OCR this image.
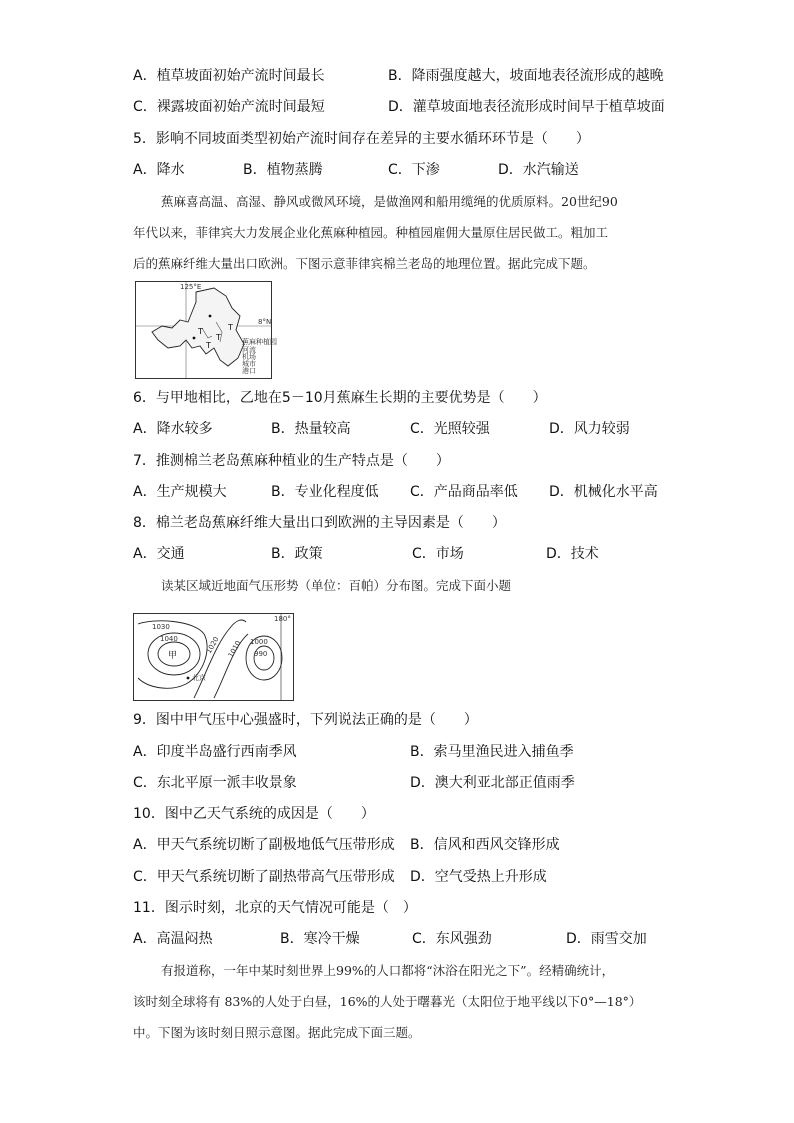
A．植草坡面初始产流时间最长	B．降雨强度越大，坡面地表径流形成的越晚
C．裸露坡面初始产流时间最短	D．灌草坡面地表径流形成时间早于植草坡面
5．影响不同坡面类型初始产流时间存在差异的主要水循环环节是（　　）
A．降水	B．植物蒸腾	C．下渗	D．水汽输送
蕉麻喜高温、高湿、静风或微风环境，是做渔网和船用缆绳的优质原料。20世纪90
年代以来，菲律宾大力发展企业化蕉麻种植园。种植园雇佣大量原住居民做工。粗加工
后的蕉麻纤维大量出口欧洲。下图示意菲律宾棉兰老岛的地理位置。据此完成下题。
125°E
8°N
T
T
T
T	蕉麻种植园
河流
机场
城市
港口
6．与甲地相比，乙地在5－10月蕉麻生长期的主要优势是（　　）
A．降水较多	B．热量较高	C．光照较强	D．风力较弱
7．推测棉兰老岛蕉麻种植业的生产特点是（　　）
A．生产规模大	B．专业化程度低 C．产品商品率低 D．机械化水平高
8．棉兰老岛蕉麻纤维大量出口到欧洲的主导因素是（　　）
A．交通	B．政策	C．市场	D．技术
读某区域近地面气压形势（单位：百帕）分布图。完成下面小题
180°
1030
1040	1020 1010 1000
990
甲
北京
9．图中甲气压中心强盛时，下列说法正确的是（　　）
A．印度半岛盛行西南季风	B．索马里渔民进入捕鱼季
C．东北平原一派丰收景象	D．澳大利亚北部正值雨季
10．图中乙天气系统的成因是（　　）
A．甲天气系统切断了副极地低气压带形成 B．信风和西风交锋形成
C．甲天气系统切断了副热带高气压带形成 D．空气受热上升形成
11．图示时刻，北京的天气情况可能是（　）
A．高温闷热	B．寒冷干燥	C．东风强劲	D．雨雪交加
有报道称，一年中某时刻世界上99%的人口都将“沐浴在阳光之下”。经精确统计，
该时刻全球将有 83%的人处于白昼，16%的人处于曙暮光（太阳位于地平线以下0°—18°）
中。下图为该时刻日照示意图。据此完成下面三题。
